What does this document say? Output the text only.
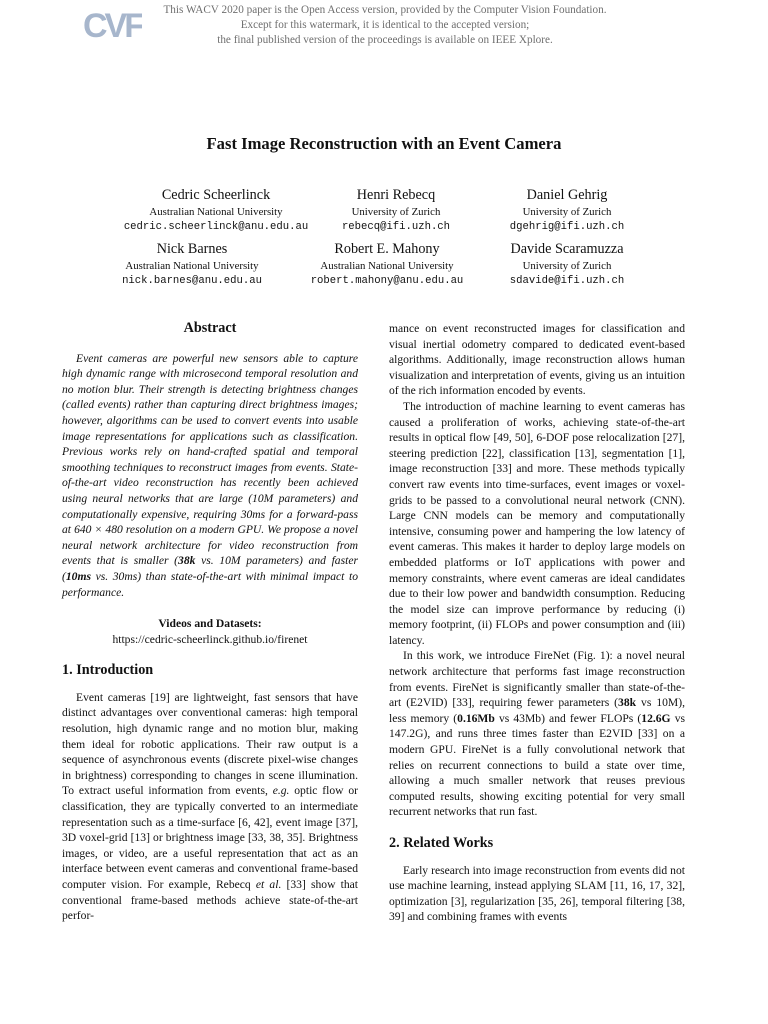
CVF	This WACV 2020 paper is the Open Access version, provided by the Computer Vision Foundation.
Except for this watermark, it is identical to the accepted version;
the final published version of the proceedings is available on IEEE Xplore.
Fast Image Reconstruction with an Event Camera
Cedric Scheerlinck
Australian National University
cedric.scheerlinck@anu.edu.au
Henri Rebecq
University of Zurich
rebecq@ifi.uzh.ch
Daniel Gehrig
University of Zurich
dgehrig@ifi.uzh.ch
Nick Barnes
Australian National University
nick.barnes@anu.edu.au
Robert E. Mahony
Australian National University
robert.mahony@anu.edu.au
Davide Scaramuzza
University of Zurich
sdavide@ifi.uzh.ch
Abstract

Event cameras are powerful new sensors able to capture high dynamic range with microsecond temporal resolution and no motion blur. Their strength is detecting brightness changes (called events) rather than capturing direct brightness images; however, algorithms can be used to convert events into usable image representations for applications such as classification. Previous works rely on hand-crafted spatial and temporal smoothing techniques to reconstruct images from events. State-of-the-art video reconstruction has recently been achieved using neural networks that are large (10M parameters) and computationally expensive, requiring 30ms for a forward-pass at 640 × 480 resolution on a modern GPU. We propose a novel neural network architecture for video reconstruction from events that is smaller (38k vs. 10M parameters) and faster (10ms vs. 30ms) than state-of-the-art with minimal impact to performance.

Videos and Datasets:
https://cedric-scheerlinck.github.io/firenet
1. Introduction

Event cameras [19] are lightweight, fast sensors that have distinct advantages over conventional cameras: high temporal resolution, high dynamic range and no motion blur, making them ideal for robotic applications. Their raw output is a sequence of asynchronous events (discrete pixel-wise changes in brightness) corresponding to changes in scene illumination. To extract useful information from events, e.g. optic flow or classification, they are typically converted to an intermediate representation such as a time-surface [6, 42], event image [37], 3D voxel-grid [13] or brightness image [33, 38, 35]. Brightness images, or video, are a useful representation that act as an interface between event cameras and conventional frame-based computer vision. For example, Rebecq et al. [33] show that conventional frame-based methods achieve state-of-the-art perfor-

mance on event reconstructed images for classification and visual inertial odometry compared to dedicated event-based algorithms. Additionally, image reconstruction allows human visualization and interpretation of events, giving us an intuition of the rich information encoded by events.

The introduction of machine learning to event cameras has caused a proliferation of works, achieving state-of-the-art results in optical flow [49, 50], 6-DOF pose relocalization [27], steering prediction [22], classification [13], segmentation [1], image reconstruction [33] and more. These methods typically convert raw events into time-surfaces, event images or voxel-grids to be passed to a convolutional neural network (CNN). Large CNN models can be memory and computationally intensive, consuming power and hampering the low latency of event cameras. This makes it harder to deploy large models on embedded platforms or IoT applications with power and memory constraints, where event cameras are ideal candidates due to their low power and bandwidth consumption. Reducing the model size can improve performance by reducing (i) memory footprint, (ii) FLOPs and power consumption and (iii) latency.

In this work, we introduce FireNet (Fig. 1): a novel neural network architecture that performs fast image reconstruction from events. FireNet is significantly smaller than state-of-the-art (E2VID) [33], requiring fewer parameters (38k vs 10M), less memory (0.16Mb vs 43Mb) and fewer FLOPs (12.6G vs 147.2G), and runs three times faster than E2VID [33] on a modern GPU. FireNet is a fully convolutional network that relies on recurrent connections to build a state over time, allowing a much smaller network that reuses previous computed results, showing exciting potential for very small recurrent networks that run fast.

2. Related Works

Early research into image reconstruction from events did not use machine learning, instead applying SLAM [11, 16, 17, 32], optimization [3], regularization [35, 26], temporal filtering [38, 39] and combining frames with events
